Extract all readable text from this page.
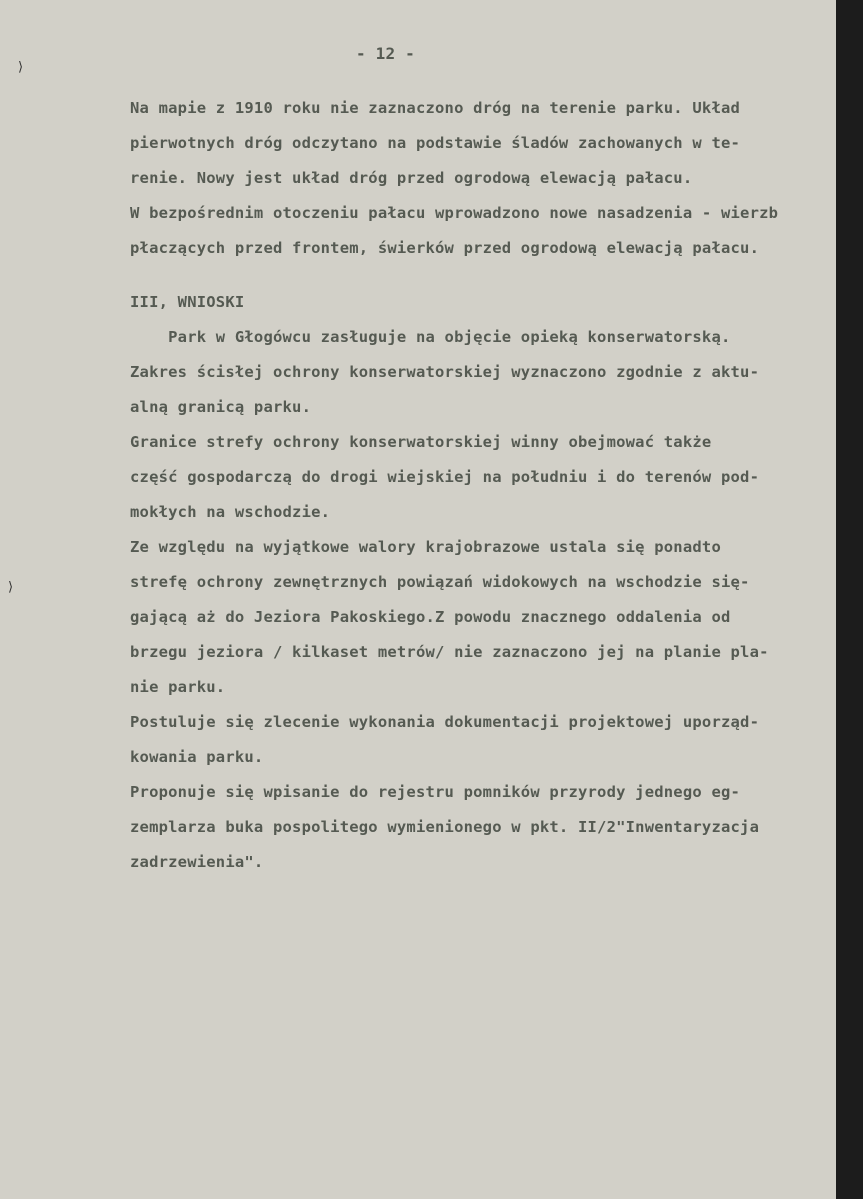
⟩
⟩
- 12 -
Na mapie z 1910 roku nie zaznaczono dróg na terenie parku. Układ
pierwotnych dróg odczytano na podstawie śladów zachowanych w te-
renie. Nowy jest układ dróg przed ogrodową elewacją pałacu.
W bezpośrednim otoczeniu pałacu wprowadzono nowe nasadzenia - wierzb
płaczących przed frontem, świerków przed ogrodową elewacją pałacu.
III, WNIOSKI
Park w Głogówcu zasługuje na objęcie opieką konserwatorską.
Zakres ścisłej ochrony konserwatorskiej wyznaczono zgodnie z aktu-
alną granicą parku.
Granice strefy ochrony konserwatorskiej winny obejmować także
część gospodarczą do drogi wiejskiej na południu i do terenów pod-
mokłych na wschodzie.
Ze względu na wyjątkowe walory krajobrazowe ustala się ponadto
strefę ochrony zewnętrznych powiązań widokowych na wschodzie się-
gającą aż do Jeziora Pakoskiego.Z powodu znacznego oddalenia od
brzegu jeziora / kilkaset metrów/ nie zaznaczono jej na planie pla-
nie parku.
Postuluje się zlecenie wykonania dokumentacji projektowej uporząd-
kowania parku.
Proponuje się wpisanie do rejestru pomników przyrody jednego eg-
zemplarza buka pospolitego wymienionego w pkt. II/2"Inwentaryzacja
zadrzewienia".
